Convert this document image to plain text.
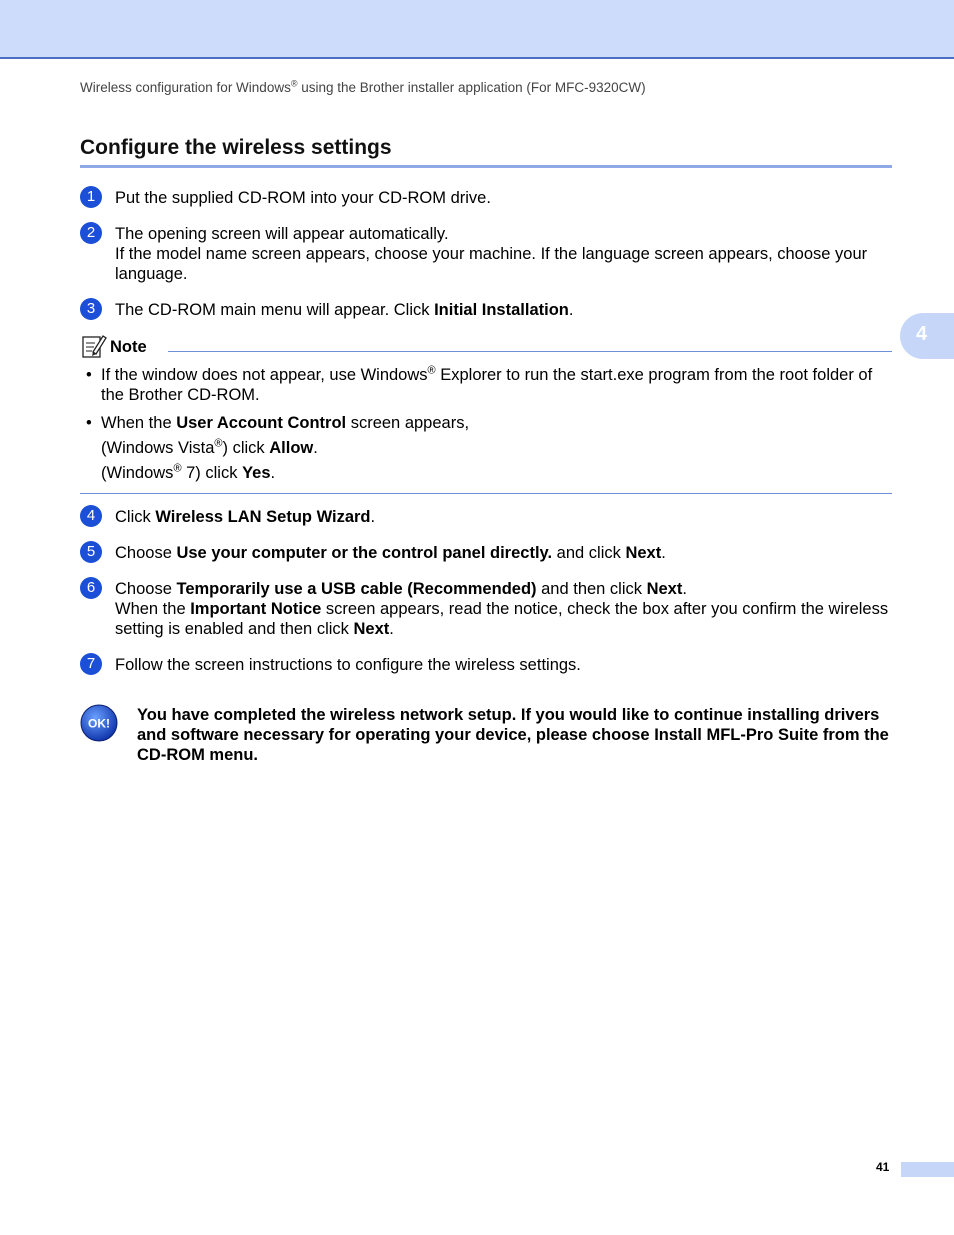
Wireless configuration for Windows® using the Brother installer application (For MFC-9320CW)
Configure the wireless settings
4
1	Put the supplied CD-ROM into your CD-ROM drive.
2	The opening screen will appear automatically.
If the model name screen appears, choose your machine. If the language screen appears, choose your language.
3	The CD-ROM main menu will appear. Click Initial Installation.
Note
• If the window does not appear, use Windows® Explorer to run the start.exe program from the root folder of the Brother CD-ROM.
• When the User Account Control screen appears,
(Windows Vista®) click Allow.
(Windows® 7) click Yes.
4	Click Wireless LAN Setup Wizard.
5	Choose Use your computer or the control panel directly. and click Next.
6	Choose Temporarily use a USB cable (Recommended) and then click Next.
When the Important Notice screen appears, read the notice, check the box after you confirm the wireless setting is enabled and then click Next.
7	Follow the screen instructions to configure the wireless settings.
OK! You have completed the wireless network setup. If you would like to continue installing drivers and software necessary for operating your device, please choose Install MFL-Pro Suite from the CD-ROM menu.
41
